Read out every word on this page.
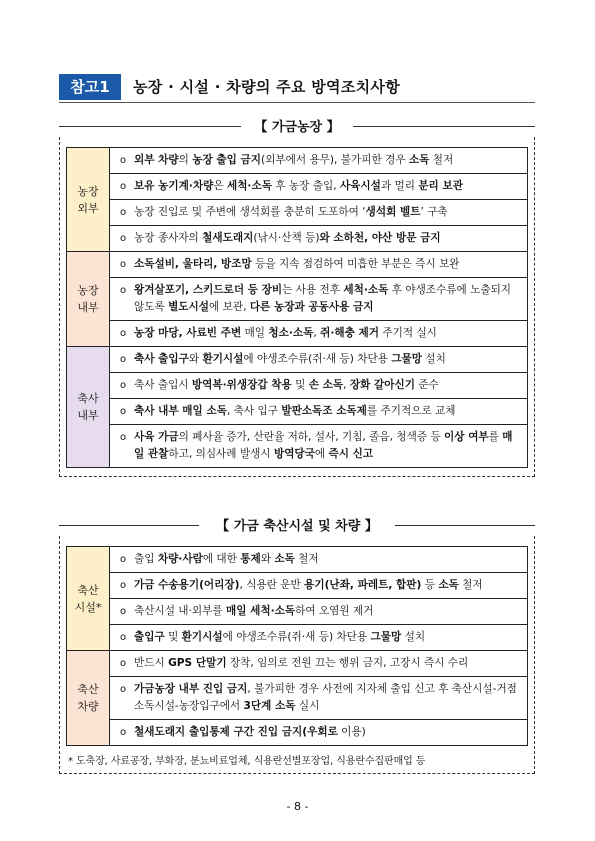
참고1	농장 · 시설 · 차량의 주요 방역조치사항
【 가금농장 】
농장
외부	o 외부 차량의 농장 출입 금지(외부에서 용무), 불가피한 경우 소독 철저
	o 보유 농기계·차량은 세척·소독 후 농장 출입, 사육시설과 멀리 분리 보관
	o 농장 진입로 및 주변에 생석회를 충분히 도포하여 ‘생석회 벨트’ 구축
	o 농장 종사자의 철새도래지(낚시·산책 등)와 소하천, 야산 방문 금지

농장
내부	o 소독설비, 울타리, 방조망 등을 지속 점검하여 미흡한 부분은 즉시 보완
	o 왕겨살포기, 스키드로더 등 장비는 사용 전후 세척·소독 후 야생조수류에 노출되지 않도록 별도시설에 보관, 다른 농장과 공동사용 금지
	o 농장 마당, 사료빈 주변 매일 청소·소독, 쥐·해충 제거 주기적 실시

축사
내부	o 축사 출입구와 환기시설에 야생조수류(쥐·새 등) 차단용 그물망 설치
	o 축사 출입시 방역복·위생장갑 착용 및 손 소독, 장화 갈아신기 준수
	o 축사 내부 매일 소독, 축사 입구 발판소독조 소독제를 주기적으로 교체
	o 사육 가금의 폐사율 증가, 산란율 저하, 설사, 기침, 졸음, 청색증 등 이상 여부를 매일 관찰하고, 의심사례 발생시 방역당국에 즉시 신고
【 가금 축산시설 및 차량 】
축산
시설*	o 출입 차량·사람에 대한 통제와 소독 철저
	o 가금 수송용기(어리장), 식용란 운반 용기(난좌, 파레트, 합판) 등 소독 철저
	o 축산시설 내·외부를 매일 세척·소독하여 오염원 제거
	o 출입구 및 환기시설에 야생조수류(쥐·새 등) 차단용 그물망 설치

축산
차량	o 반드시 GPS 단말기 장착, 임의로 전원 끄는 행위 금지, 고장시 즉시 수리
	o 가금농장 내부 진입 금지, 불가피한 경우 사전에 지자체 출입 신고 후 축산시설-거점소독시설-농장입구에서 3단계 소독 실시
	o 철새도래지 출입통제 구간 진입 금지(우회로 이용)
* 도축장, 사료공장, 부화장, 분뇨비료업체, 식용란선별포장업, 식용란수집판매업 등
- 8 -
